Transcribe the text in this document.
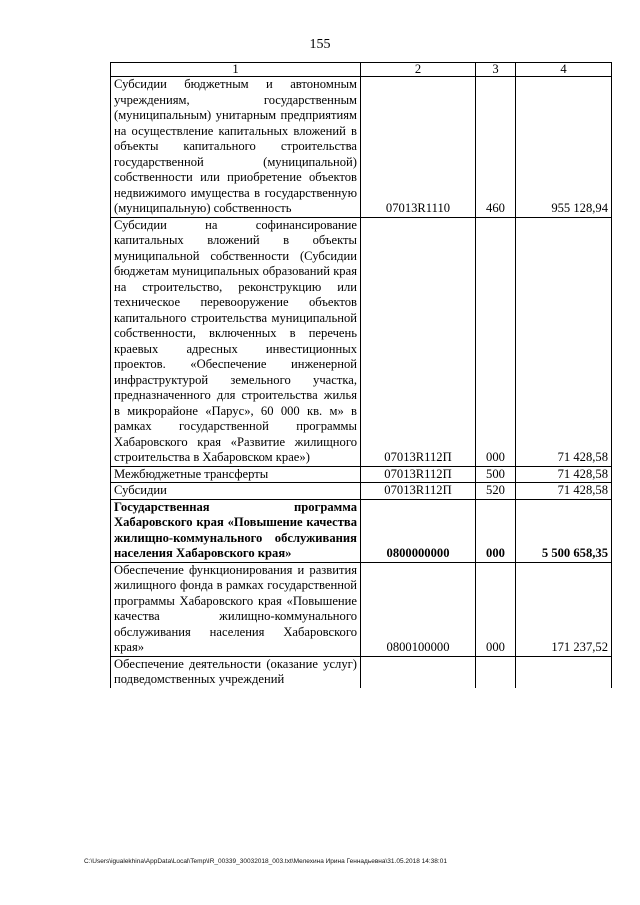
155
1	2	3	4
Субсидии бюджетным и автономным учреждениям, государственным (муниципальным) унитарным предприятиям на осуществление капитальных вложений в объекты капитального строительства государственной (муниципальной) собственности или приобретение объектов недвижимого имущества в государственную (муниципальную) собственность	07013R1110	460	955 128,94
Субсидии на софинансирование капитальных вложений в объекты муниципальной собственности (Субсидии бюджетам муниципальных образований края на строительство, реконструкцию или техническое перевооружение объектов капитального строительства муниципальной собственности, включенных в перечень краевых адресных инвестиционных проектов. «Обеспечение инженерной инфраструктурой земельного участка, предназначенного для строительства жилья в микрорайоне «Парус», 60 000 кв. м» в рамках государственной программы Хабаровского края «Развитие жилищного строительства в Хабаровском крае»)	07013R112П	000	71 428,58
Межбюджетные трансферты	07013R112П	500	71 428,58
Субсидии	07013R112П	520	71 428,58
Государственная программа Хабаровского края «Повышение качества жилищно-коммунального обслуживания населения Хабаровского края»	0800000000	000	5 500 658,35
Обеспечение функционирования и развития жилищного фонда в рамках государственной программы Хабаровского края «Повышение качества жилищно-коммунального обслуживания населения Хабаровского края»	0800100000	000	171 237,52
Обеспечение деятельности (оказание услуг) подведомственных учреждений			
C:\Users\igualekhina\AppData\Local\Temp\IR_00339_30032018_003.txt\Мелехина Ирина Геннадьевна\31.05.2018 14:38:01
